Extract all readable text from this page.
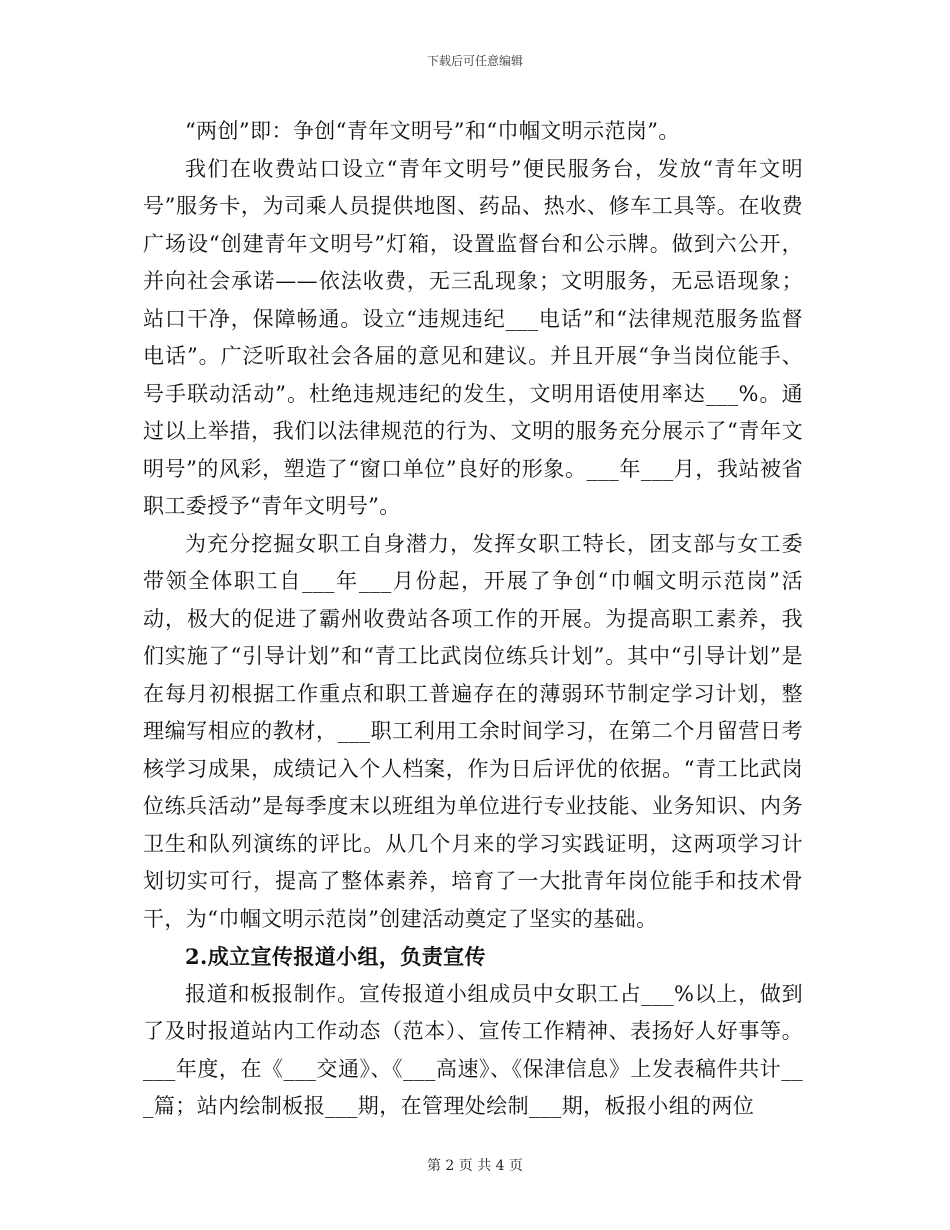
下载后可任意编辑

“两创”即：争创“青年文明号”和“巾帼文明示范岗”。

我们在收费站口设立“青年文明号”便民服务台，发放“青年文明号”服务卡，为司乘人员提供地图、药品、热水、修车工具等。在收费广场设“创建青年文明号”灯箱，设置监督台和公示牌。做到六公开，并向社会承诺——依法收费，无三乱现象；文明服务，无忌语现象；站口干净，保障畅通。设立“违规违纪___电话”和“法律规范服务监督电话”。广泛听取社会各届的意见和建议。并且开展“争当岗位能手、号手联动活动”。杜绝违规违纪的发生，文明用语使用率达___%。通过以上举措，我们以法律规范的行为、文明的服务充分展示了“青年文明号”的风彩，塑造了“窗口单位”良好的形象。___年___月，我站被省职工委授予“青年文明号”。

为充分挖掘女职工自身潜力，发挥女职工特长，团支部与女工委带领全体职工自___年___月份起，开展了争创“巾帼文明示范岗”活动，极大的促进了霸州收费站各项工作的开展。为提高职工素养，我们实施了“引导计划”和“青工比武岗位练兵计划”。其中“引导计划”是在每月初根据工作重点和职工普遍存在的薄弱环节制定学习计划，整理编写相应的教材，___职工利用工余时间学习，在第二个月留营日考核学习成果，成绩记入个人档案，作为日后评优的依据。“青工比武岗位练兵活动”是每季度末以班组为单位进行专业技能、业务知识、内务卫生和队列演练的评比。从几个月来的学习实践证明，这两项学习计划切实可行，提高了整体素养，培育了一大批青年岗位能手和技术骨干，为“巾帼文明示范岗”创建活动奠定了坚实的基础。

2.成立宣传报道小组，负责宣传

报道和板报制作。宣传报道小组成员中女职工占___%以上，做到了及时报道站内工作动态（范本）、宣传工作精神、表扬好人好事等。___年度，在《___交通》、《___高速》、《保津信息》上发表稿件共计___篇；站内绘制板报___期，在管理处绘制___期，板报小组的两位

第 2 页 共 4 页
